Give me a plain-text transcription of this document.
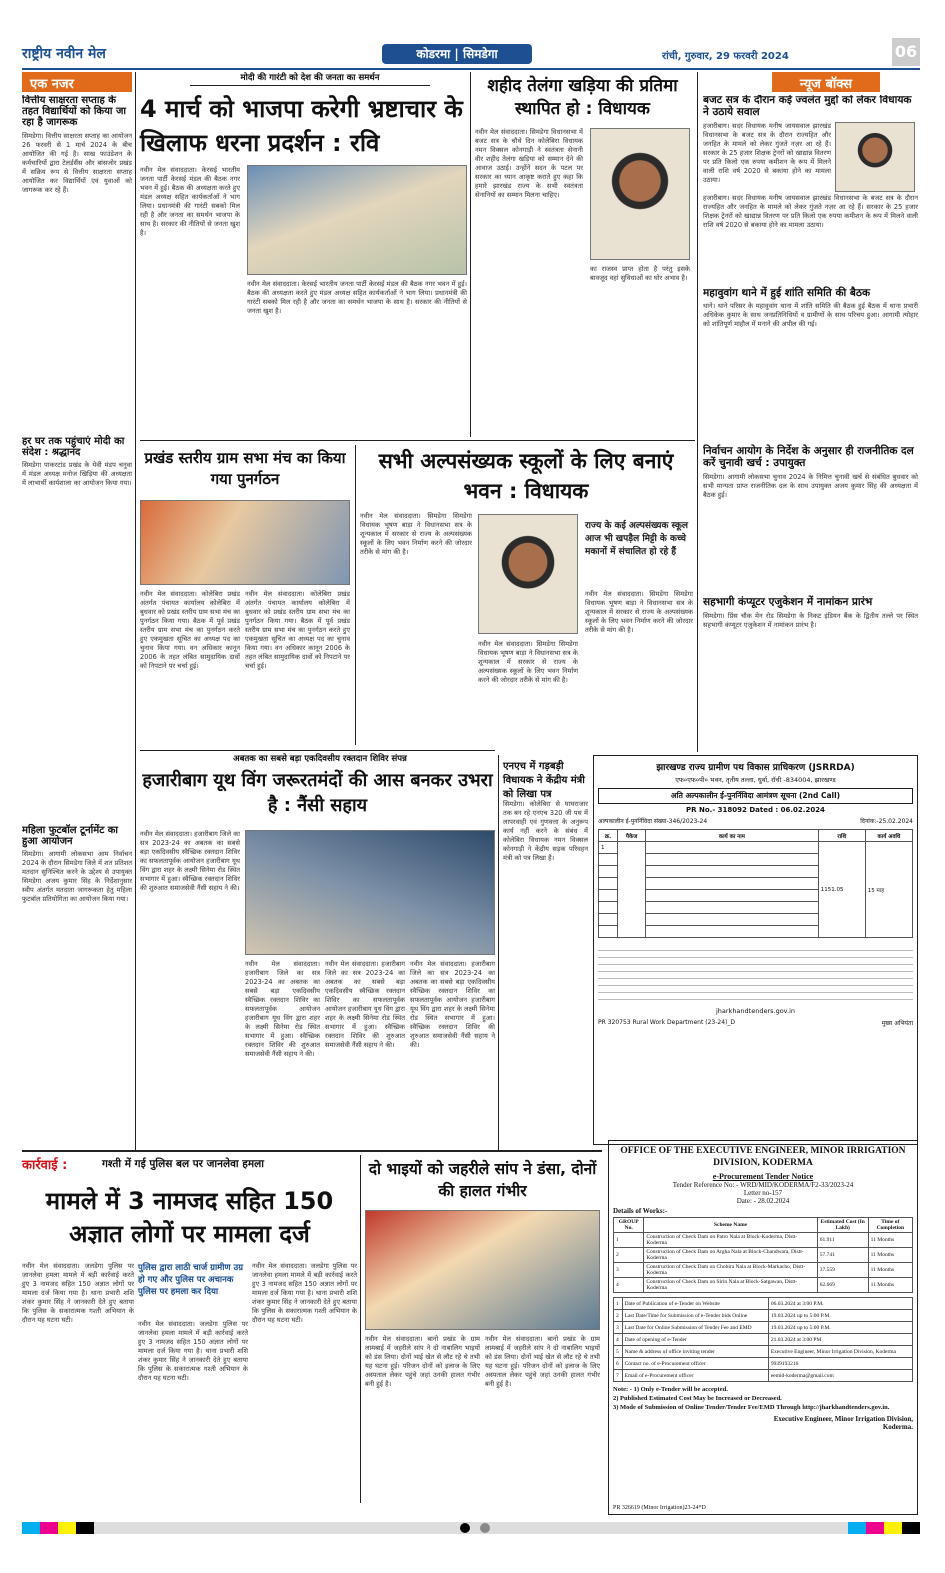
राष्ट्रीय नवीन मेल	कोडरमा | सिमडेगा	रांची, गुरुवार, 29 फरवरी 2024	06
एक नजर
वित्तीय साक्षरता सप्ताह के तहत विद्यार्थियों को किया जा रहा है जागरूक
सिमडेगा। वित्तीय साक्षरता सप्ताह का आयोजन 26 फरवरी से 1 मार्च 2024 के बीच आयोजित की गई है। साख फाउंडेशन के कर्मचारियों द्वारा टेलर्डसैंस और बांसजोर प्रखंड में सक्रिय रूप से वित्तीय साक्षरता सप्ताह आयोजित कर विद्यार्थियों एवं युवाओं को जागरूक कर रहे हैं।
हर घर तक पहुंचाएं मोदी का संदेश : श्रद्धानंद
सिमडेगा पाकरटांड प्रखंड के येवी मंडप चनुवा में मंडल अध्यक्ष मनोज खिड़िया की अध्यक्षता में लाभार्थी कार्यशाला का आयोजन किया गया।
महिला फुटबॉल टूर्नामेंट का हुआ आयोजन
सिमडेगा। आगामी लोकसभा आम निर्वाचन 2024 के दौरान सिमडेगा जिले में शत प्रतिशत मतदान सुनिश्चित करने के उद्देश्य से उपायुक्त सिमडेगा अजय कुमार सिंह के निर्देशानुसार स्वीप अंतर्गत मतदाता जागरूकता हेतु महिला फुटबॉल प्रतियोगिता का आयोजन किया गया।
मोदी की गारंटी को देश की जनता का समर्थन
4 मार्च को भाजपा करेगी भ्रष्टाचार के खिलाफ धरना प्रदर्शन : रवि
नवीन मेल संवाददाता। केरसई भारतीय जनता पार्टी केरसई मंडल की बैठक नगर भवन में हुई। बैठक की अध्यक्षता करते हुए मंडल अध्यक्ष सहित कार्यकर्ताओं ने भाग लिया। प्रधानमंत्री की गारंटी सबको मिल रही है और जनता का समर्थन भाजपा के साथ है। सरकार की नीतियों से जनता खुश है।
नवीन मेल संवाददाता। केरसई भारतीय जनता पार्टी केरसई मंडल की बैठक नगर भवन में हुई। बैठक की अध्यक्षता करते हुए मंडल अध्यक्ष सहित कार्यकर्ताओं ने भाग लिया। प्रधानमंत्री की गारंटी सबको मिल रही है और जनता का समर्थन भाजपा के साथ है। सरकार की नीतियों से जनता खुश है।
शहीद तेलंगा खड़िया की प्रतिमा स्थापित हो : विधायक
नवीन मेल संवाददाता। सिमडेगा विधानसभा में बजट सत्र के चौथे दिन कोलेबिरा विधायक नमन विक्सल कोनगाड़ी ने स्वतंत्रता सेनानी वीर शहीद तेलंगा खड़िया को सम्मान देने की आवाज उठाई। उन्होंने सदन के पटल पर सरकार का ध्यान आकृष्ट कराते हुए कहा कि हमारे झारखंड राज्य के सभी स्वतंत्रता सेनानियों का सम्मान मिलना चाहिए।
का राजस्व प्राप्त होता है परंतु इसके बावजूद वहां सुविधाओं का घोर अभाव है।
न्यूज बॉक्स
बजट सत्र के दौरान कई ज्वलंत मुद्दों को लेकर विधायक ने उठाये सवाल
हजारीबाग। सदर विधायक मनीष जायसवाल झारखंड विधानसभा के बजट सत्र के दौरान राज्यहित और जनहित के मामले को लेकर गुंजते नज़र आ रहे हैं। सरकार के 25 हजार शिक्षक ट्रेनरों को खाद्यान्न वितरण पर प्रति किलो एक रुपया कमीशन के रूप में मिलने वाली राशि वर्ष 2020 से बकाया होने का मामला उठाया।
हजारीबाग। सदर विधायक मनीष जायसवाल झारखंड विधानसभा के बजट सत्र के दौरान राज्यहित और जनहित के मामले को लेकर गुंजते नज़र आ रहे हैं। सरकार के 25 हजार शिक्षक ट्रेनरों को खाद्यान्न वितरण पर प्रति किलो एक रुपया कमीशन के रूप में मिलने वाली राशि वर्ष 2020 से बकाया होने का मामला उठाया।
महावुवांग थाने में हुई शांति समिति की बैठक
थाने। थाने परिसर के महावुवांग थाना में शांति समिति की बैठक हुई बैठक में थाना प्रभारी अधिकेक कुमार के साथ जनप्रतिनिधियों व ग्रामीणों के साथ परिचय हुआ। आगामी त्योहार को शांतिपूर्ण माहौल में मनाने की अपील की गई।
निर्वाचन आयोग के निर्देश के अनुसार ही राजनीतिक दल करें चुनावी खर्च : उपायुक्त
सिमडेगा। आगामी लोकसभा चुनाव 2024 के निमित्त चुनावी खर्च से संबंधित बुधवार को सभी मान्यता प्राप्त राजनीतिक दल के साथ उपायुक्त अजय कुमार सिंह की अध्यक्षता में बैठक हुई।
सहभागी कंप्यूटर एजुकेशन में नामांकन प्रारंभ
सिमडेगा। प्रिंस चौक मेन रोड सिमडेगा के निकट इंडियन बैंक के द्वितीय तल्ले पर स्थित सहभागी कंप्यूटर एजुकेशन में नामांकन प्रारंभ है।
प्रखंड स्तरीय ग्राम सभा मंच का किया गया पुनर्गठन
नवीन मेल संवाददाता। कोलेबिरा प्रखंड अंतर्गत पंचायत कार्यालय कोलेबिरा में बुधवार को प्रखंड स्तरीय ग्राम सभा मंच का पुनर्गठन किया गया। बैठक में पूर्व प्रखंड स्तरीय ग्राम सभा मंच का पुनर्गठन करते हुए एकमुखता सूचित का अध्यक्ष पद का चुनाव किया गया। वन अधिकार कानून 2006 के तहत लंबित सामुदायिक दावों को निपटाने पर चर्चा हुई।
नवीन मेल संवाददाता। कोलेबिरा प्रखंड अंतर्गत पंचायत कार्यालय कोलेबिरा में बुधवार को प्रखंड स्तरीय ग्राम सभा मंच का पुनर्गठन किया गया। बैठक में पूर्व प्रखंड स्तरीय ग्राम सभा मंच का पुनर्गठन करते हुए एकमुखता सूचित का अध्यक्ष पद का चुनाव किया गया। वन अधिकार कानून 2006 के तहत लंबित सामुदायिक दावों को निपटाने पर चर्चा हुई।
सभी अल्पसंख्यक स्कूलों के लिए बनाएं भवन : विधायक
नवीन मेल संवाददाता। सिमडेगा सिमडेगा विधायक भूषण बाड़ा ने विधानसभा सत्र के शून्यकाल में सरकार से राज्य के अल्पसंख्यक स्कूलों के लिए भवन निर्माण करने की जोरदार तरीके से मांग की है।
राज्य के कई अल्पसंख्यक स्कूल आज भी खपड़ैल मिट्टी के कच्चे मकानों में संचालित हो रहे हैं
नवीन मेल संवाददाता। सिमडेगा सिमडेगा विधायक भूषण बाड़ा ने विधानसभा सत्र के शून्यकाल में सरकार से राज्य के अल्पसंख्यक स्कूलों के लिए भवन निर्माण करने की जोरदार तरीके से मांग की है।
नवीन मेल संवाददाता। सिमडेगा सिमडेगा विधायक भूषण बाड़ा ने विधानसभा सत्र के शून्यकाल में सरकार से राज्य के अल्पसंख्यक स्कूलों के लिए भवन निर्माण करने की जोरदार तरीके से मांग की है।
अबतक का सबसे बड़ा एकदिवसीय रक्तदान शिविर संपन्न
हजारीबाग यूथ विंग जरूरतमंदों की आस बनकर उभरा है : नैंसी सहाय
नवीन मेल संवाददाता। हजारीबाग जिले का सत्र 2023-24 का अबतक का सबसे बड़ा एकदिवसीय स्वैच्छिक रक्तदान शिविर का सफलतापूर्वक आयोजन हजारीबाग यूथ विंग द्वारा शहर के लक्ष्मी सिनेमा रोड स्थित सभागार में हुआ। स्वैच्छिक रक्तदान शिविर की शुरुआत समाजसेवी नैंसी सहाय ने की।
नवीन मेल संवाददाता। हजारीबाग जिले का सत्र 2023-24 का अबतक का सबसे बड़ा एकदिवसीय स्वैच्छिक रक्तदान शिविर का सफलतापूर्वक आयोजन हजारीबाग यूथ विंग द्वारा शहर के लक्ष्मी सिनेमा रोड स्थित सभागार में हुआ। स्वैच्छिक रक्तदान शिविर की शुरुआत समाजसेवी नैंसी सहाय ने की।
नवीन मेल संवाददाता। हजारीबाग जिले का सत्र 2023-24 का अबतक का सबसे बड़ा एकदिवसीय स्वैच्छिक रक्तदान शिविर का सफलतापूर्वक आयोजन हजारीबाग यूथ विंग द्वारा शहर के लक्ष्मी सिनेमा रोड स्थित सभागार में हुआ। स्वैच्छिक रक्तदान शिविर की शुरुआत समाजसेवी नैंसी सहाय ने की।
नवीन मेल संवाददाता। हजारीबाग जिले का सत्र 2023-24 का अबतक का सबसे बड़ा एकदिवसीय स्वैच्छिक रक्तदान शिविर का सफलतापूर्वक आयोजन हजारीबाग यूथ विंग द्वारा शहर के लक्ष्मी सिनेमा रोड स्थित सभागार में हुआ। स्वैच्छिक रक्तदान शिविर की शुरुआत समाजसेवी नैंसी सहाय ने की।
एनएच में गड़बड़ी विधायक ने केंद्रीय मंत्री को लिखा पत्र
सिमडेगा। कोलेबिरा से घाघराजार तक बन रहे एनएच 320 जी पथ में लापरवाही एवं गुणवत्ता के अनुरूप कार्य नहीं करने के संबंध में कोलेबिरा विधायक नमन विक्सल कोनगाड़ी ने केंद्रीय सड़क परिवहन मंत्री को पत्र लिखा है।
झारखण्ड राज्य ग्रामीण पथ विकास प्राधिकरण (JSRRDA)
एफ०एफ०पी० भवन, तृतीय तल्ला, धुर्वा, रॉची -834004, झारखण्ड
अति अल्पकालीन ई-पुनर्निविदा आमंत्रण सूचना (2nd Call)
PR No.- 318092 Dated : 06.02.2024
अल्पकालीन ई-पुनर्निविदा संख्या-346/2023-24	दिनांक:-25.02.2024
क्र.	पैकेज	कार्य का नाम	राशि	कार्य अवधि
1			1151.05	15 माह

jharkhandtenders.gov.in
PR 320753 Rural Work Department (23-24)_D	मुख्य अभियंता
कार्रवाई :	गश्ती में गई पुलिस बल पर जानलेवा हमला
मामले में 3 नामजद सहित 150 अज्ञात लोगों पर मामला दर्ज
नवीन मेल संवाददाता। जलडेगा पुलिस पर जानलेवा हमला मामले में बड़ी कार्रवाई करते हुए 3 नामजद सहित 150 अज्ञात लोगों पर मामला दर्ज किया गया है। थाना प्रभारी शशि शंकर कुमार सिंह ने जानकारी देते हुए बताया कि पुलिस के सकारात्मक गश्ती अभियान के दौरान यह घटना घटी।
पुलिस द्वारा लाठी चार्ज ग्रामीण उग्र हो गए और पुलिस पर अचानक पुलिस पर हमला कर दिया
नवीन मेल संवाददाता। जलडेगा पुलिस पर जानलेवा हमला मामले में बड़ी कार्रवाई करते हुए 3 नामजद सहित 150 अज्ञात लोगों पर मामला दर्ज किया गया है। थाना प्रभारी शशि शंकर कुमार सिंह ने जानकारी देते हुए बताया कि पुलिस के सकारात्मक गश्ती अभियान के दौरान यह घटना घटी।
नवीन मेल संवाददाता। जलडेगा पुलिस पर जानलेवा हमला मामले में बड़ी कार्रवाई करते हुए 3 नामजद सहित 150 अज्ञात लोगों पर मामला दर्ज किया गया है। थाना प्रभारी शशि शंकर कुमार सिंह ने जानकारी देते हुए बताया कि पुलिस के सकारात्मक गश्ती अभियान के दौरान यह घटना घटी।
दो भाइयों को जहरीले सांप ने डंसा, दोनों की हालत गंभीर
नवीन मेल संवाददाता। बानो प्रखंड के ग्राम लामबाई में जहरीले सांप ने दो नाबालिग भाइयों को डंस लिया। दोनों भाई खेत से लौट रहे थे तभी यह घटना हुई। परिजन दोनों को इलाज के लिए अस्पताल लेकर पहुंचे जहां उनकी हालत गंभीर बनी हुई है।
नवीन मेल संवाददाता। बानो प्रखंड के ग्राम लामबाई में जहरीले सांप ने दो नाबालिग भाइयों को डंस लिया। दोनों भाई खेत से लौट रहे थे तभी यह घटना हुई। परिजन दोनों को इलाज के लिए अस्पताल लेकर पहुंचे जहां उनकी हालत गंभीर बनी हुई है।
OFFICE OF THE EXECUTIVE ENGINEER, MINOR IRRIGATION DIVISION, KODERMA
e-Procurement Tender Notice
Tender Reference No: - WRD/MID/KODERMA/F2-33/2023-24
Letter no-157
Date: - 28.02.2024
Details of Works:-
GROUP No.	Scheme Name	Estimated Cost (In Lakh)	Time of Completion
1	Construction of Check Dam on Patro Nala at Block-Koderma, Distt-Koderma	61.911	11 Months
2	Construction of Check Dam on Argha Nala at Block-Chandwara, Distt-Koderma	57.741	11 Months
3	Construction of Check Dam on Chobira Nala at Block-Markacho, Distt-Koderma	37.559	11 Months
4	Construction of Check Dam on Sirin Nala at Block-Satgawan, Distt-Koderma	62.669	11 Months
1	Date of Publication of e-Tender on Website	06.03.2024 at 3:00 P.M.
2	Last Date/Time for Submission of e-Tender bids Online	19.03.2024 up to 5:00 P.M.
3	Last Date for Online Submission of Tender Fee and EMD	19.03.2024 up to 5:00 P.M.
4	Date of opening of e-Tender	21.03.2024 at 3:00 PM
5	Name & address of office inviting tender	Executive Engineer, Minor Irrigation Division, Koderma
6	Contact no. of e-Procurement officer	9939193216
7	Email of e-Procurement officer	eemid-koderma@gmail.com
Note: - 1) Only e-Tender will be accepted.
2) Published Estimated Cost May be Increased or Decreased.
3) Mode of Submission of Online Tender/Tender Fee/EMD Through http://jharkhandtenders.gov.in.
Executive Engineer, Minor Irrigation Division, Koderma.
PR 326619 (Minor Irrigation)23-24*D
